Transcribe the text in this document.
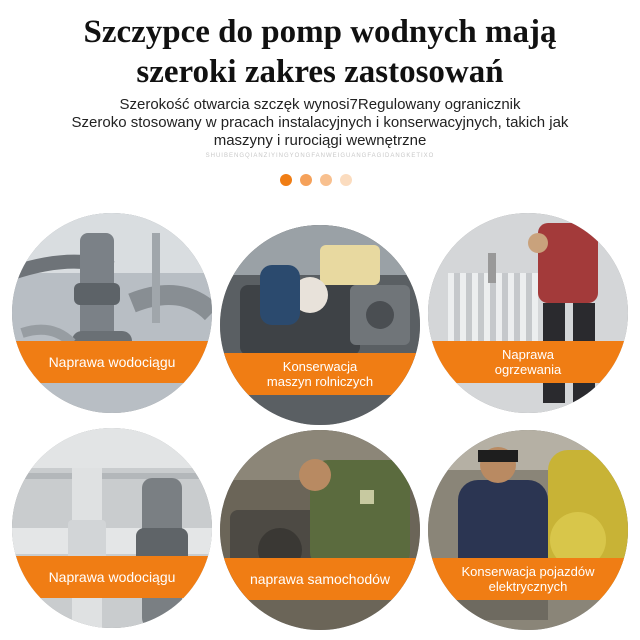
Szczypce do pomp wodnych mają
szeroki zakres zastosowań
Szerokość otwarcia szczęk wynosi7Regulowany ogranicznik
Szeroko stosowany w pracach instalacyjnych i konserwacyjnych, takich jak
maszyny i rurociągi wewnętrzne
SHUIBENGQIANZIYINGYONGFANWEIGUANGFAGIDANGKETIXO
Naprawa wodociągu	Konserwacja
maszyn rolniczych
Naprawa
ogrzewania
Naprawa wodociągu	naprawa samochodów	Konserwacja pojazdów
elektrycznych
